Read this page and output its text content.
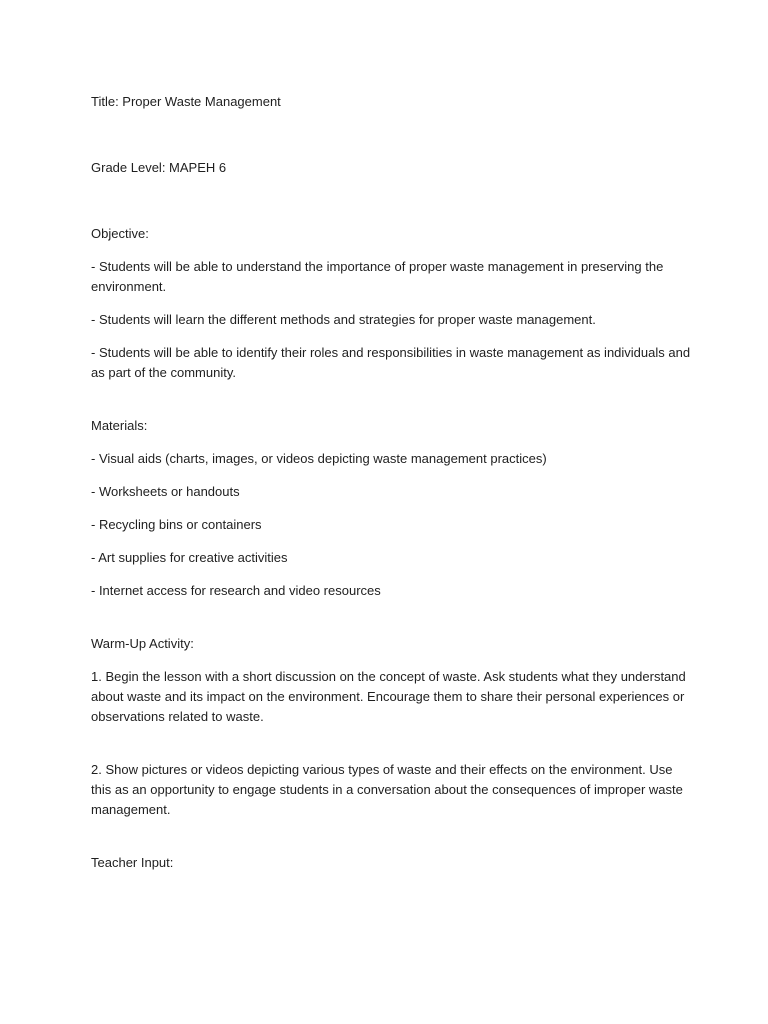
Title: Proper Waste Management

Grade Level: MAPEH 6

Objective:

- Students will be able to understand the importance of proper waste management in preserving the environment.

- Students will learn the different methods and strategies for proper waste management.

- Students will be able to identify their roles and responsibilities in waste management as individuals and as part of the community.

Materials:

- Visual aids (charts, images, or videos depicting waste management practices)

- Worksheets or handouts

- Recycling bins or containers

- Art supplies for creative activities

- Internet access for research and video resources

Warm-Up Activity:

1. Begin the lesson with a short discussion on the concept of waste. Ask students what they understand about waste and its impact on the environment. Encourage them to share their personal experiences or observations related to waste.

2. Show pictures or videos depicting various types of waste and their effects on the environment. Use this as an opportunity to engage students in a conversation about the consequences of improper waste management.

Teacher Input:
